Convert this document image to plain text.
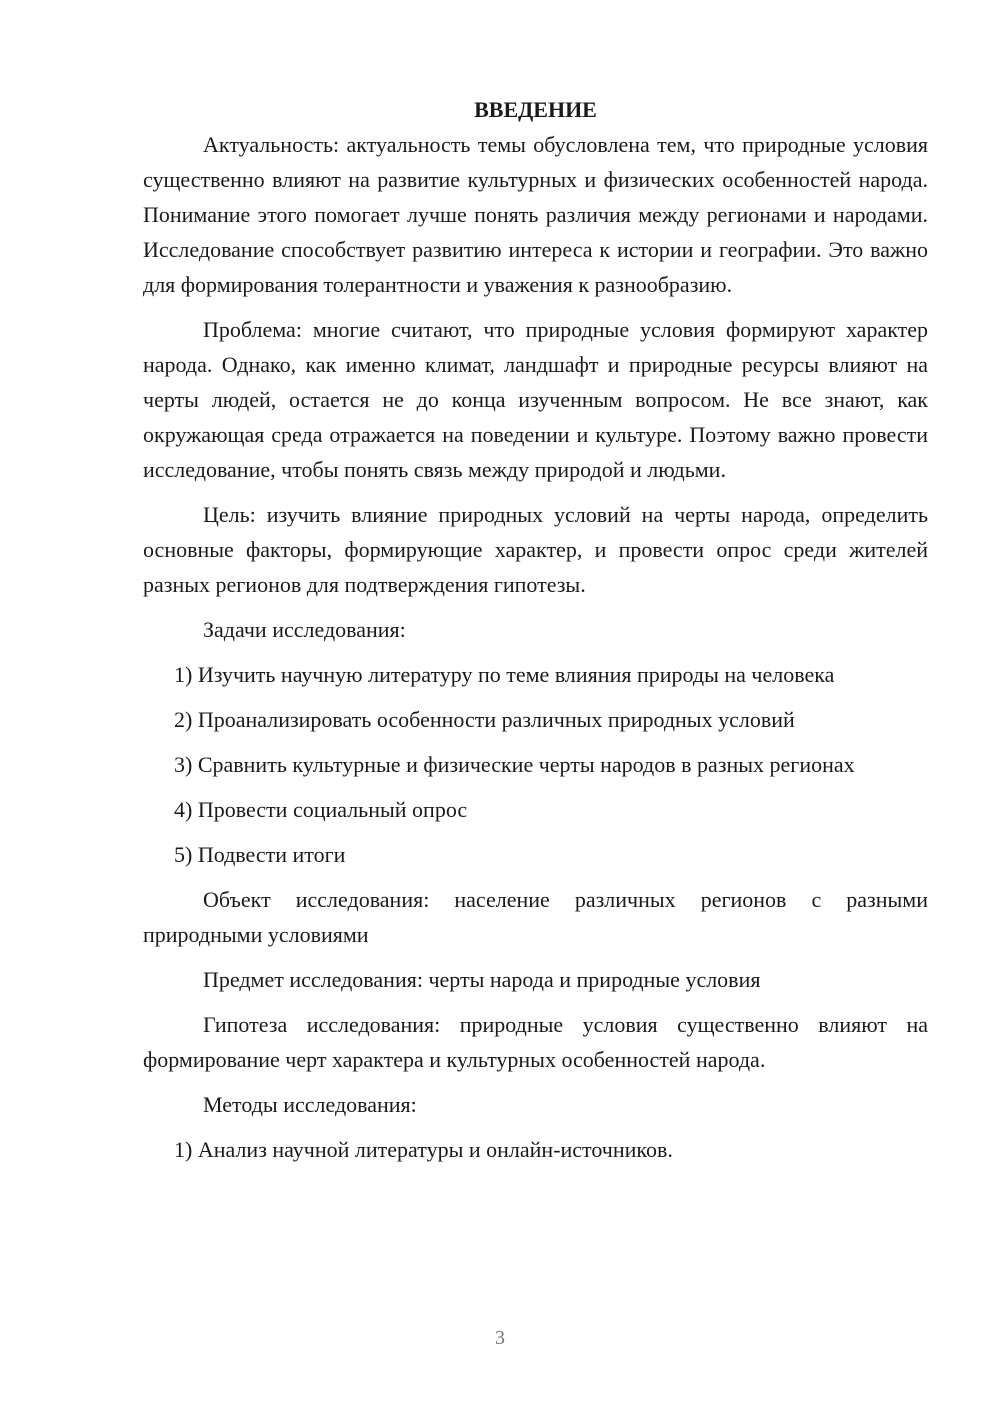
ВВЕДЕНИЕ

Актуальность: актуальность темы обусловлена тем, что природные условия существенно влияют на развитие культурных и физических особенностей народа. Понимание этого помогает лучше понять различия между регионами и народами. Исследование способствует развитию интереса к истории и географии. Это важно для формирования толерантности и уважения к разнообразию.

Проблема: многие считают, что природные условия формируют характер народа. Однако, как именно климат, ландшафт и природные ресурсы влияют на черты людей, остается не до конца изученным вопросом. Не все знают, как окружающая среда отражается на поведении и культуре. Поэтому важно провести исследование, чтобы понять связь между природой и людьми.

Цель: изучить влияние природных условий на черты народа, определить основные факторы, формирующие характер, и провести опрос среди жителей разных регионов для подтверждения гипотезы.

Задачи исследования:

1) Изучить научную литературу по теме влияния природы на человека

2) Проанализировать особенности различных природных условий

3) Сравнить культурные и физические черты народов в разных регионах

4) Провести социальный опрос

5) Подвести итоги

Объект исследования: население различных регионов с разными природными условиями

Предмет исследования: черты народа и природные условия

Гипотеза исследования: природные условия существенно влияют на формирование черт характера и культурных особенностей народа.

Методы исследования:

1) Анализ научной литературы и онлайн-источников.

3
